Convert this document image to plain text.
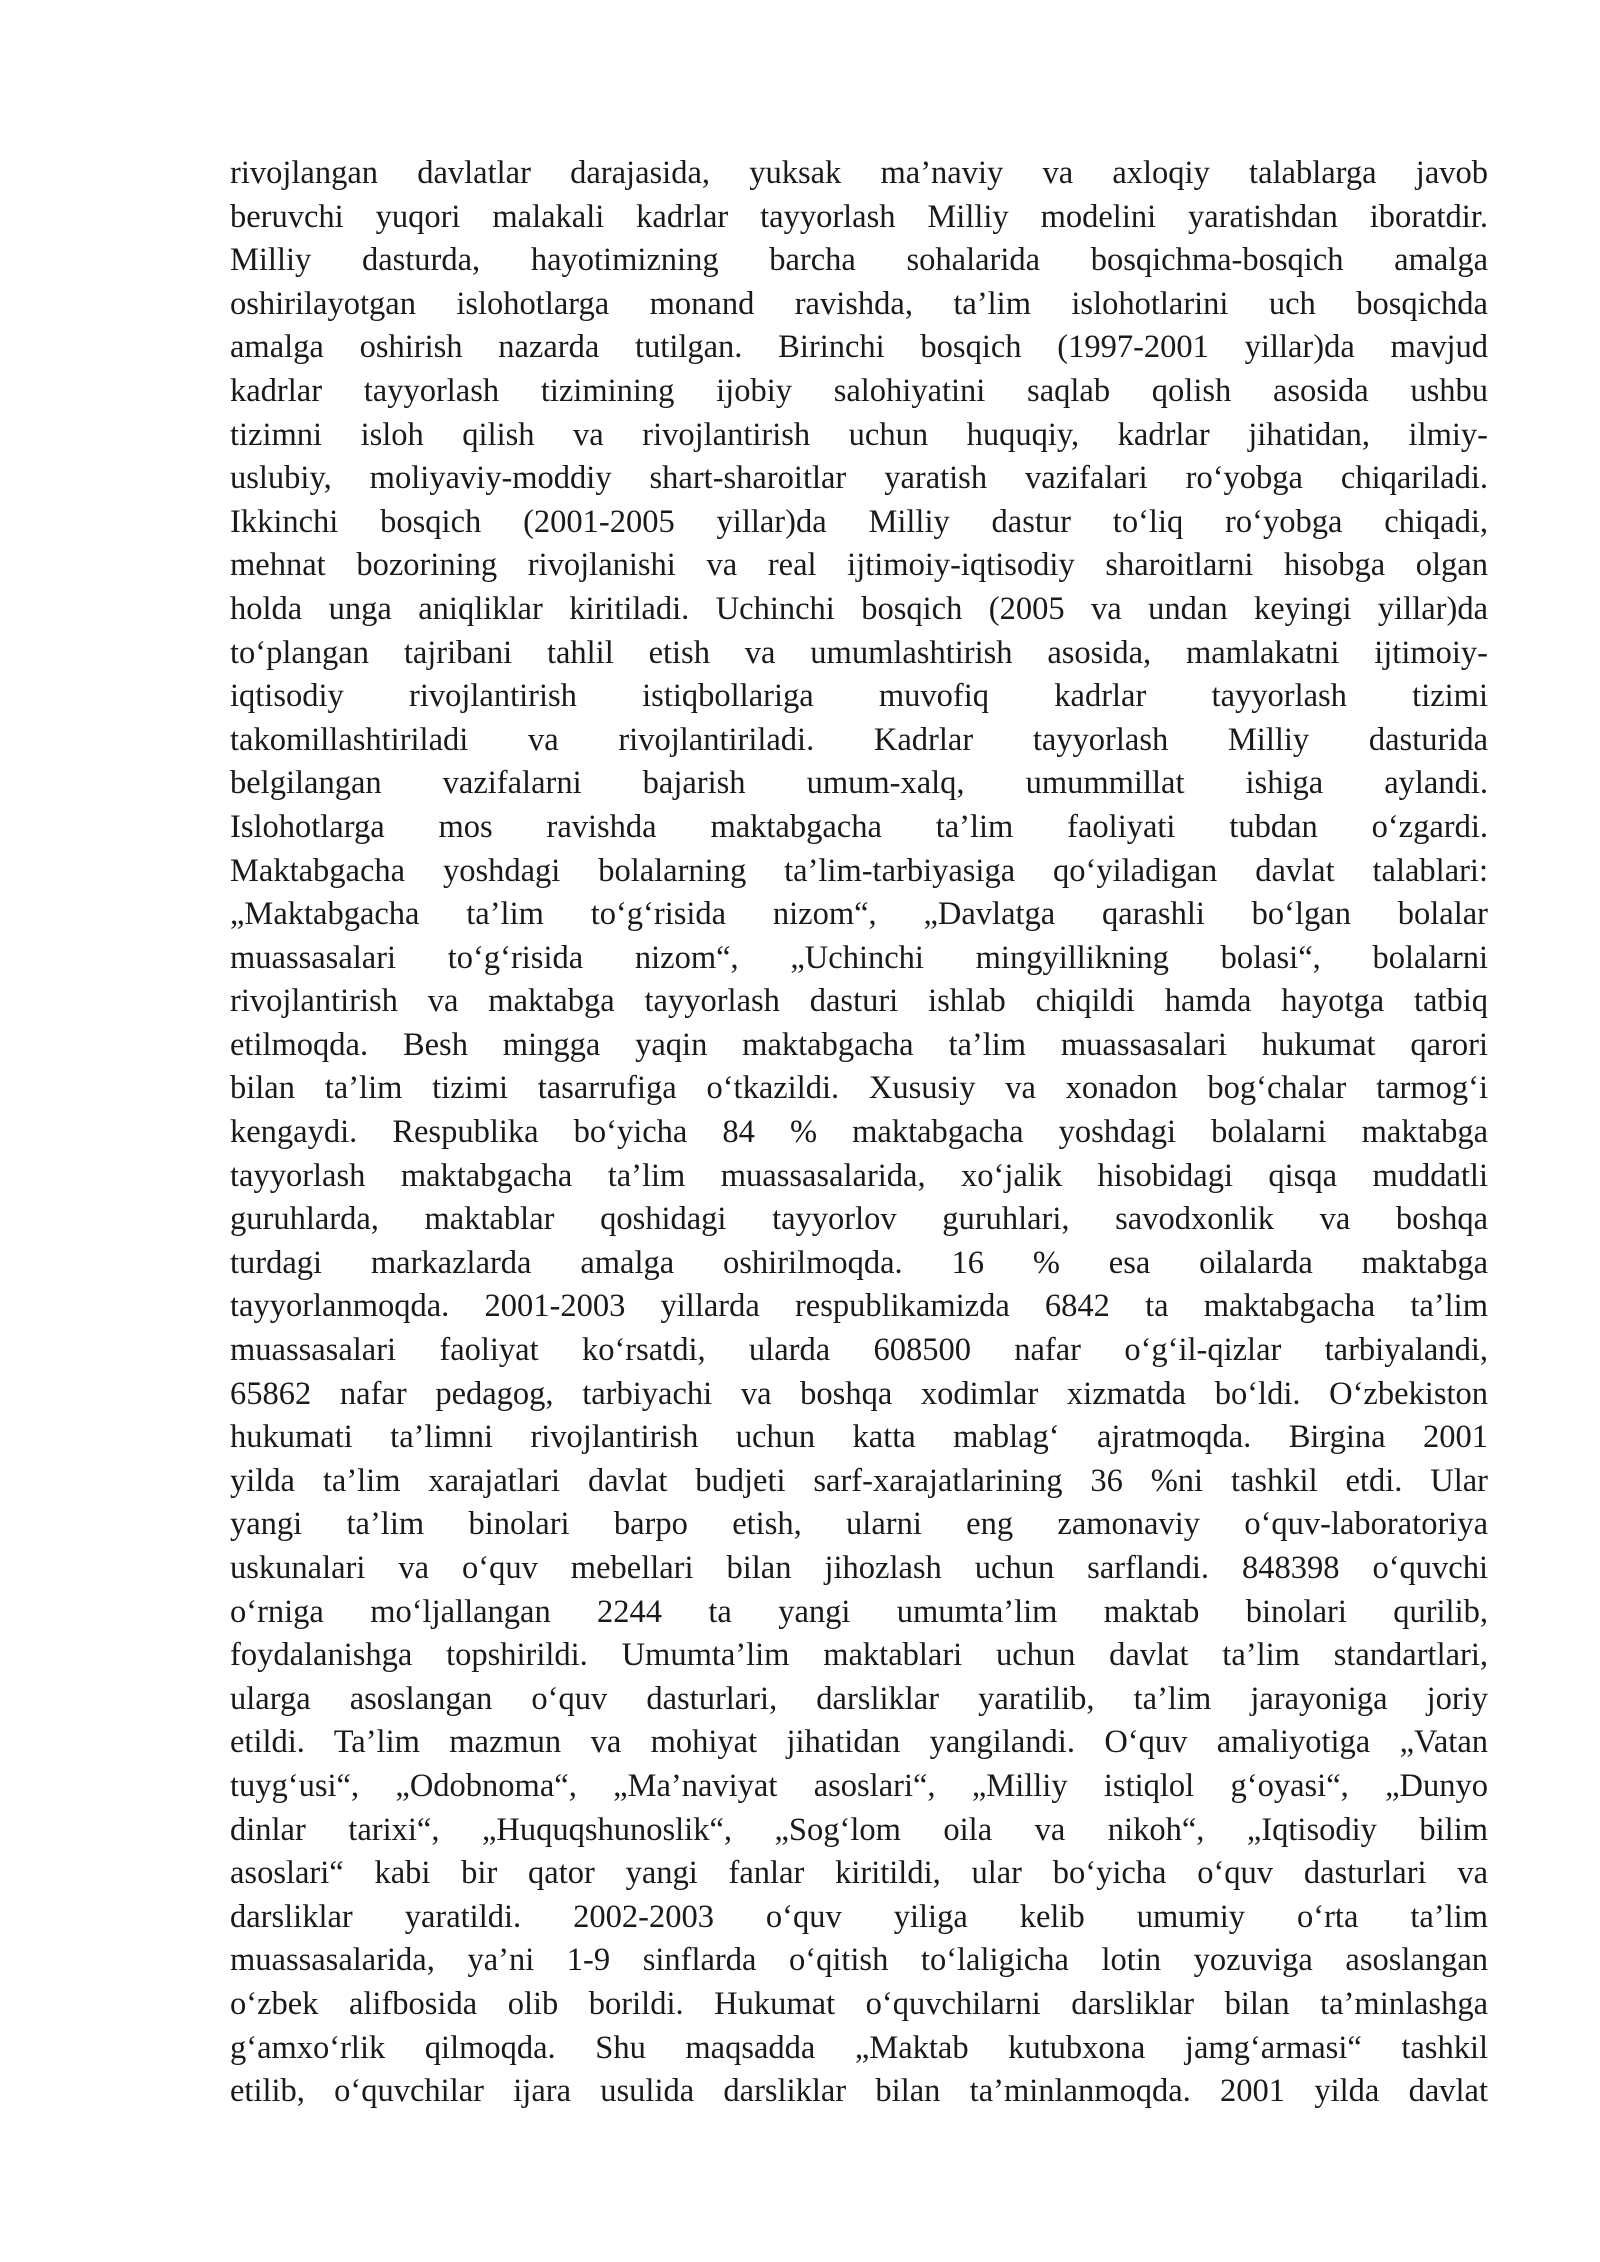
rivojlangan davlatlar darajasida, yuksak ma’naviy va axloqiy talablarga javob
beruvchi yuqori malakali kadrlar tayyorlash Milliy modelini yaratishdan iboratdir.
Milliy dasturda, hayotimizning barcha sohalarida bosqichma-bosqich amalga
oshirilayotgan islohotlarga monand ravishda, ta’lim islohotlarini uch bosqichda
amalga oshirish nazarda tutilgan. Birinchi bosqich (1997-2001 yillar)da mavjud
kadrlar tayyorlash tizimining ijobiy salohiyatini saqlab qolish asosida ushbu
tizimni isloh qilish va rivojlantirish uchun huquqiy, kadrlar jihatidan, ilmiy-
uslubiy, moliyaviy-moddiy shart-sharoitlar yaratish vazifalari ro‘yobga chiqariladi.
Ikkinchi bosqich (2001-2005 yillar)da Milliy dastur to‘liq ro‘yobga chiqadi,
mehnat bozorining rivojlanishi va real ijtimoiy-iqtisodiy sharoitlarni hisobga olgan
holda unga aniqliklar kiritiladi. Uchinchi bosqich (2005 va undan keyingi yillar)da
to‘plangan tajribani tahlil etish va umumlashtirish asosida, mamlakatni ijtimoiy-
iqtisodiy rivojlantirish istiqbollariga muvofiq kadrlar tayyorlash tizimi
takomillashtiriladi va rivojlantiriladi. Kadrlar tayyorlash Milliy dasturida
belgilangan vazifalarni bajarish umum-xalq, umummillat ishiga aylandi.
Islohotlarga mos ravishda maktabgacha ta’lim faoliyati tubdan o‘zgardi.
Maktabgacha yoshdagi bolalarning ta’lim-tarbiyasiga qo‘yiladigan davlat talablari:
„Maktabgacha ta’lim to‘g‘risida nizom“, „Davlatga qarashli bo‘lgan bolalar
muassasalari to‘g‘risida nizom“, „Uchinchi mingyillikning bolasi“, bolalarni
rivojlantirish va maktabga tayyorlash dasturi ishlab chiqildi hamda hayotga tatbiq
etilmoqda. Besh mingga yaqin maktabgacha ta’lim muassasalari hukumat qarori
bilan ta’lim tizimi tasarrufiga o‘tkazildi. Xususiy va xonadon bog‘chalar tarmog‘i
kengaydi. Respublika bo‘yicha 84 % maktabgacha yoshdagi bolalarni maktabga
tayyorlash maktabgacha ta’lim muassasalarida, xo‘jalik hisobidagi qisqa muddatli
guruhlarda, maktablar qoshidagi tayyorlov guruhlari, savodxonlik va boshqa
turdagi markazlarda amalga oshirilmoqda. 16 % esa oilalarda maktabga
tayyorlanmoqda. 2001-2003 yillarda respublikamizda 6842 ta maktabgacha ta’lim
muassasalari faoliyat ko‘rsatdi, ularda 608500 nafar o‘g‘il-qizlar tarbiyalandi,
65862 nafar pedagog, tarbiyachi va boshqa xodimlar xizmatda bo‘ldi. O‘zbekiston
hukumati ta’limni rivojlantirish uchun katta mablag‘ ajratmoqda. Birgina 2001
yilda ta’lim xarajatlari davlat budjeti sarf-xarajatlarining 36 %ni tashkil etdi. Ular
yangi ta’lim binolari barpo etish, ularni eng zamonaviy o‘quv-laboratoriya
uskunalari va o‘quv mebellari bilan jihozlash uchun sarflandi. 848398 o‘quvchi
o‘rniga mo‘ljallangan 2244 ta yangi umumta’lim maktab binolari qurilib,
foydalanishga topshirildi. Umumta’lim maktablari uchun davlat ta’lim standartlari,
ularga asoslangan o‘quv dasturlari, darsliklar yaratilib, ta’lim jarayoniga joriy
etildi. Ta’lim mazmun va mohiyat jihatidan yangilandi. O‘quv amaliyotiga „Vatan
tuyg‘usi“, „Odobnoma“, „Ma’naviyat asoslari“, „Milliy istiqlol g‘oyasi“, „Dunyo
dinlar tarixi“, „Huquqshunoslik“, „Sog‘lom oila va nikoh“, „Iqtisodiy bilim
asoslari“ kabi bir qator yangi fanlar kiritildi, ular bo‘yicha o‘quv dasturlari va
darsliklar yaratildi. 2002-2003 o‘quv yiliga kelib umumiy o‘rta ta’lim
muassasalarida, ya’ni 1-9 sinflarda o‘qitish to‘laligicha lotin yozuviga asoslangan
o‘zbek alifbosida olib borildi. Hukumat o‘quvchilarni darsliklar bilan ta’minlashga
g‘amxo‘rlik qilmoqda. Shu maqsadda „Maktab kutubxona jamg‘armasi“ tashkil
etilib, o‘quvchilar ijara usulida darsliklar bilan ta’minlanmoqda. 2001 yilda davlat
